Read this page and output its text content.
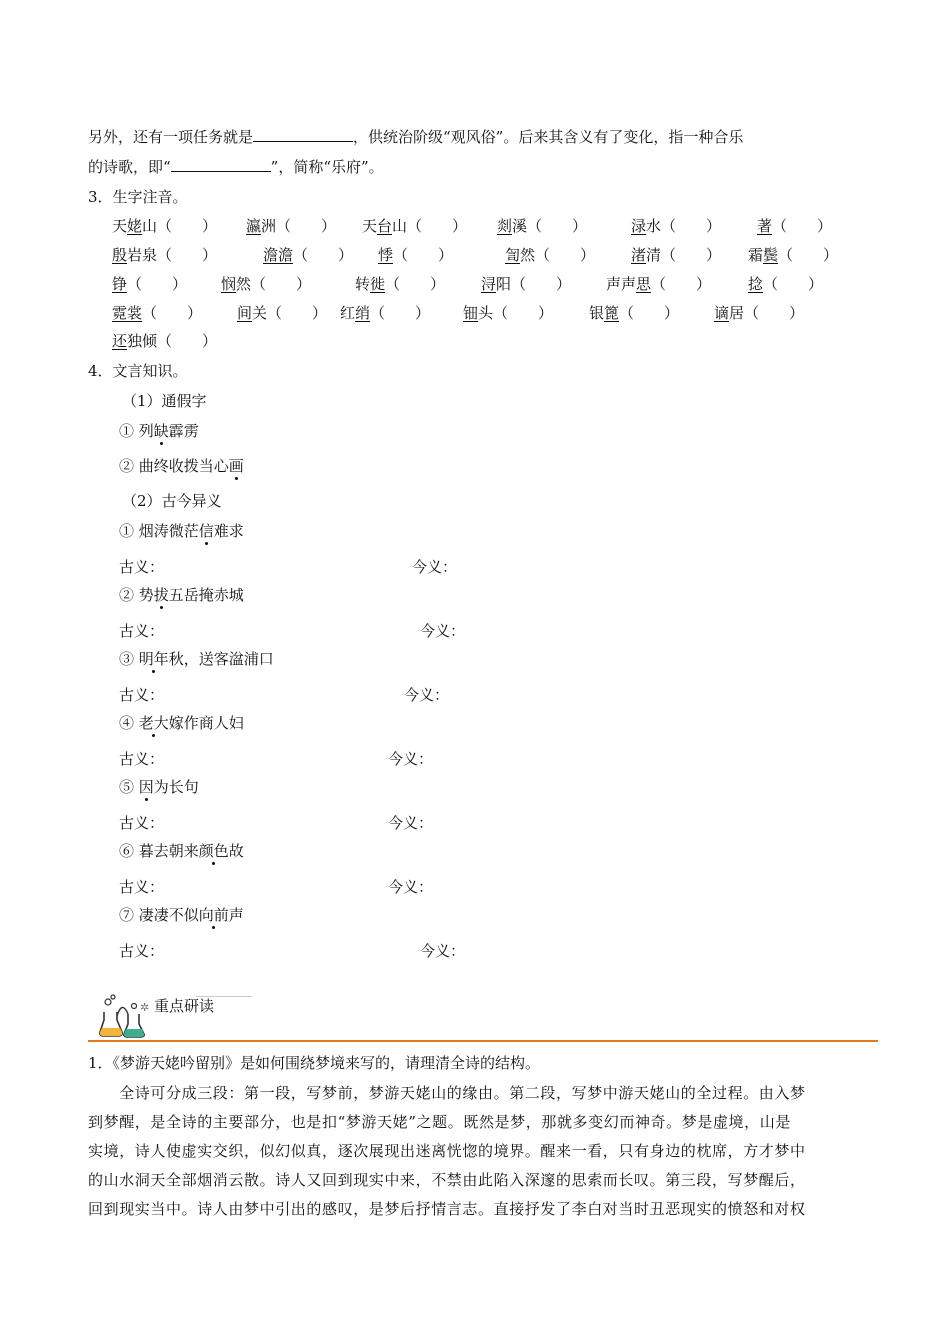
另外，还有一项任务就是	，供统治阶级“观风俗”。后来其含义有了变化，指一种合乐
的诗歌，即“	”，简称“乐府”。
3．生字注音。
天姥山（　　） 瀛洲（　　） 天台山（　　） 剡溪（　　）	渌水（　　） 著（　　）
殷岩泉（　　）	澹澹（　　） 悸（　　）	訇然（　　） 渚清（　　） 霜鬓（　　）
铮（　　） 悯然（　　）	转徙（　　） 浔阳（　　） 声声思（　　） 捻（　　）
霓裳（　　） 间关（　　） 红绡（　　） 钿头（　　） 银篦（　　） 谪居（　　）
还独倾（　　）
4．文言知识。
（1）通假字
① 列缺霹雳
② 曲终收拨当心画
（2）古今异义
① 烟涛微茫信难求
古义：	今义：
② 势拔五岳掩赤城
古义：	今义：
③ 明年秋，送客湓浦口
古义：	今义：
④ 老大嫁作商人妇
古义：	今义：
⑤ 因为长句
古义：	今义：
⑥ 暮去朝来颜色故
古义：	今义：
⑦ 凄凄不似向前声
古义：	今义：
✲ 重点研读
1．《梦游天姥吟留别》是如何围绕梦境来写的，请理清全诗的结构。
　　全诗可分成三段：第一段，写梦前，梦游天姥山的缘由。第二段，写梦中游天姥山的全过程。由入梦
到梦醒，是全诗的主要部分，也是扣“梦游天姥”之题。既然是梦，那就多变幻而神奇。梦是虚境，山是
实境，诗人使虚实交织，似幻似真，逐次展现出迷离恍惚的境界。醒来一看，只有身边的枕席，方才梦中
的山水洞天全部烟消云散。诗人又回到现实中来，不禁由此陷入深邃的思索而长叹。第三段，写梦醒后，
回到现实当中。诗人由梦中引出的感叹，是梦后抒情言志。直接抒发了李白对当时丑恶现实的愤怒和对权
